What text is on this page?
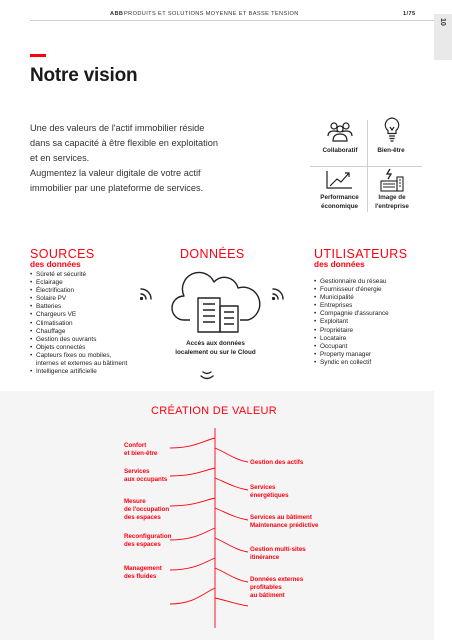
ABB PRODUITS ET SOLUTIONS MOYENNE ET BASSE TENSION	1/75
10
Notre vision
Une des valeurs de l'actif immobilier réside
dans sa capacité à être flexible en exploitation
et en services.
Augmentez la valeur digitale de votre actif
immobilier par une plateforme de services.
Collaboratif	Bien-être
Performance
économique
Image de
l'entreprise
SOURCES
des données
• Sûreté et sécurité
• Eclairage
• Électrification
• Solaire PV
• Batteries
• Chargeurs VE
• Climatisation
• Chauffage
• Gestion des ouvrants
• Objets connectés
• Capteurs fixes ou mobiles,
internes et externes au bâtiment
• Intelligence artificielle
DONNÉES
Accès aux données
localement ou sur le Cloud
UTILISATEURS
des données
• Gestionnaire du réseau
• Fournisseur d'énergie
• Municipalité
• Entreprises
• Compagnie d'assurance
• Exploitant
• Propriétaire
• Locataire
• Occupant
• Property manager
• Syndic en collectif
CRÉATION DE VALEUR
Confort
et bien-être
Services
aux occupants
Mesure
de l'occupation
des espaces
Reconfiguration
des espaces
Management
des fluides
Gestion des actifs
Services
énergétiques
Services au bâtiment
Maintenance prédictive
Gestion multi-sites
itinérance
Données externes
profitables
au bâtiment
